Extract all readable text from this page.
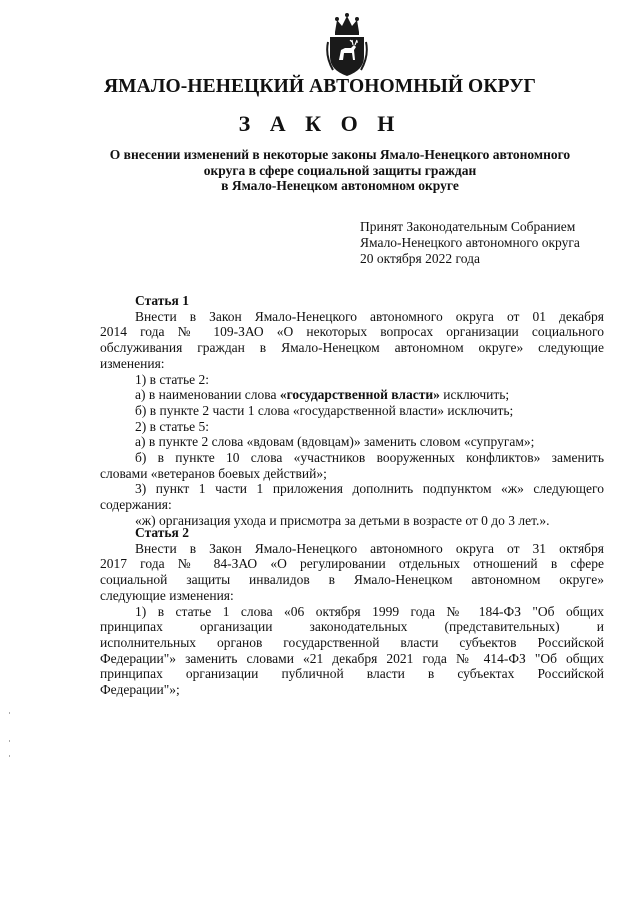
ЯМАЛО-НЕНЕЦКИЙ АВТОНОМНЫЙ ОКРУГ
З А К О Н
О внесении изменений в некоторые законы Ямало-Ненецкого автономного
округа в сфере социальной защиты граждан
в Ямало-Ненецком автономном округе
Принят Законодательным Собранием
Ямало-Ненецкого автономного округа
20 октября 2022 года
Статья 1
Внести в Закон Ямало-Ненецкого автономного округа от 01 декабря
2014 года № 109-ЗАО «О некоторых вопросах организации социального
обслуживания граждан в Ямало-Ненецком автономном округе» следующие
изменения:
1) в статье 2:
а) в наименовании слова «государственной власти» исключить;
б) в пункте 2 части 1 слова «государственной власти» исключить;
2) в статье 5:
а) в пункте 2 слова «вдовам (вдовцам)» заменить словом «супругам»;
б) в пункте 10 слова «участников вооруженных конфликтов» заменить
словами «ветеранов боевых действий»;
3) пункт 1 части 1 приложения дополнить подпунктом «ж» следующего
содержания:
«ж) организация ухода и присмотра за детьми в возрасте от 0 до 3 лет.».
Статья 2
Внести в Закон Ямало-Ненецкого автономного округа от 31 октября
2017 года № 84-ЗАО «О регулировании отдельных отношений в сфере
социальной защиты инвалидов в Ямало-Ненецком автономном округе»
следующие изменения:
1) в статье 1 слова «06 октября 1999 года № 184-ФЗ "Об общих
принципах организации законодательных (представительных) и
исполнительных органов государственной власти субъектов Российской
Федерации"» заменить словами «21 декабря 2021 года № 414-ФЗ "Об общих
принципах организации публичной власти в субъектах Российской
Федерации"»;
